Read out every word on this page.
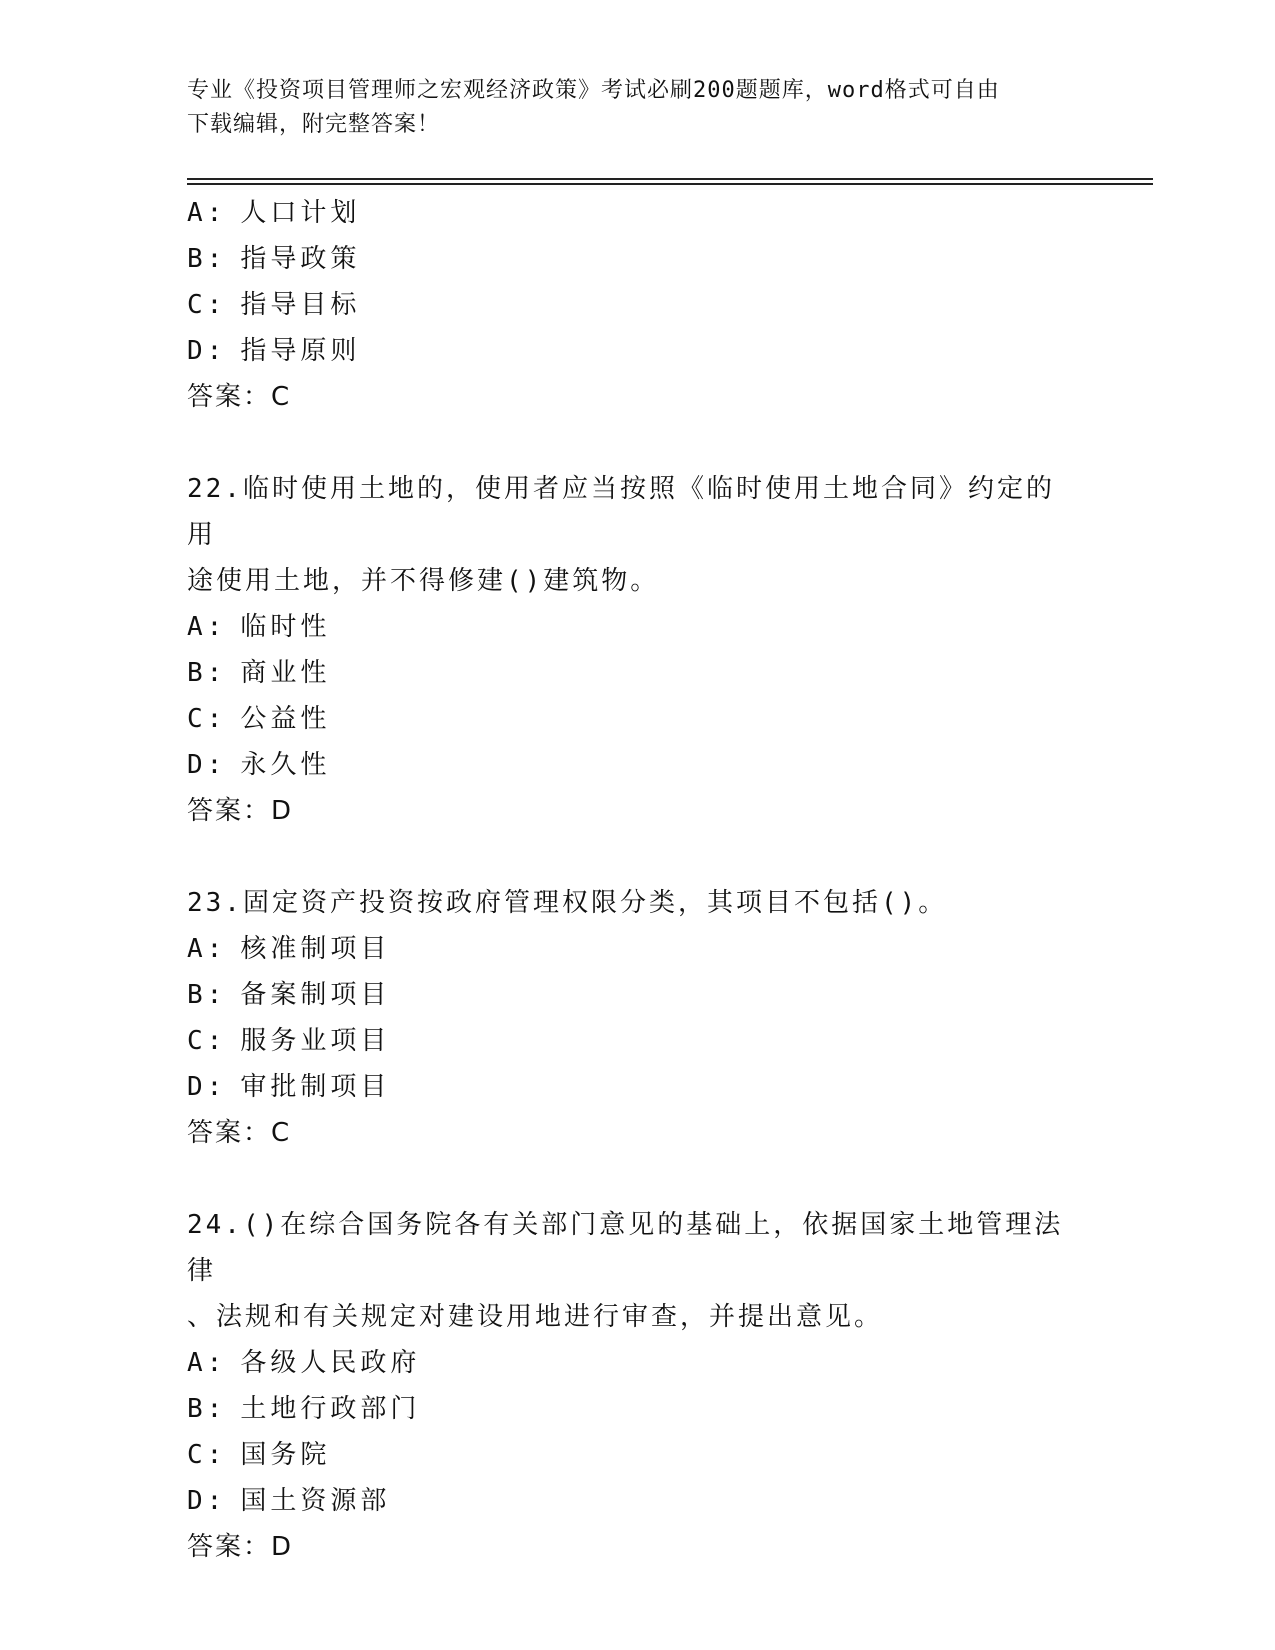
专业《投资项目管理师之宏观经济政策》考试必刷200题题库，word格式可自由
下载编辑，附完整答案！
A: 人口计划
B: 指导政策
C: 指导目标
D: 指导原则
答案：C
22.临时使用土地的，使用者应当按照《临时使用土地合同》约定的用
途使用土地，并不得修建()建筑物。
A: 临时性
B: 商业性
C: 公益性
D: 永久性
答案：D
23.固定资产投资按政府管理权限分类，其项目不包括()。
A: 核准制项目
B: 备案制项目
C: 服务业项目
D: 审批制项目
答案：C
24.()在综合国务院各有关部门意见的基础上，依据国家土地管理法律
、法规和有关规定对建设用地进行审查，并提出意见。
A: 各级人民政府
B: 土地行政部门
C: 国务院
D: 国土资源部
答案：D
